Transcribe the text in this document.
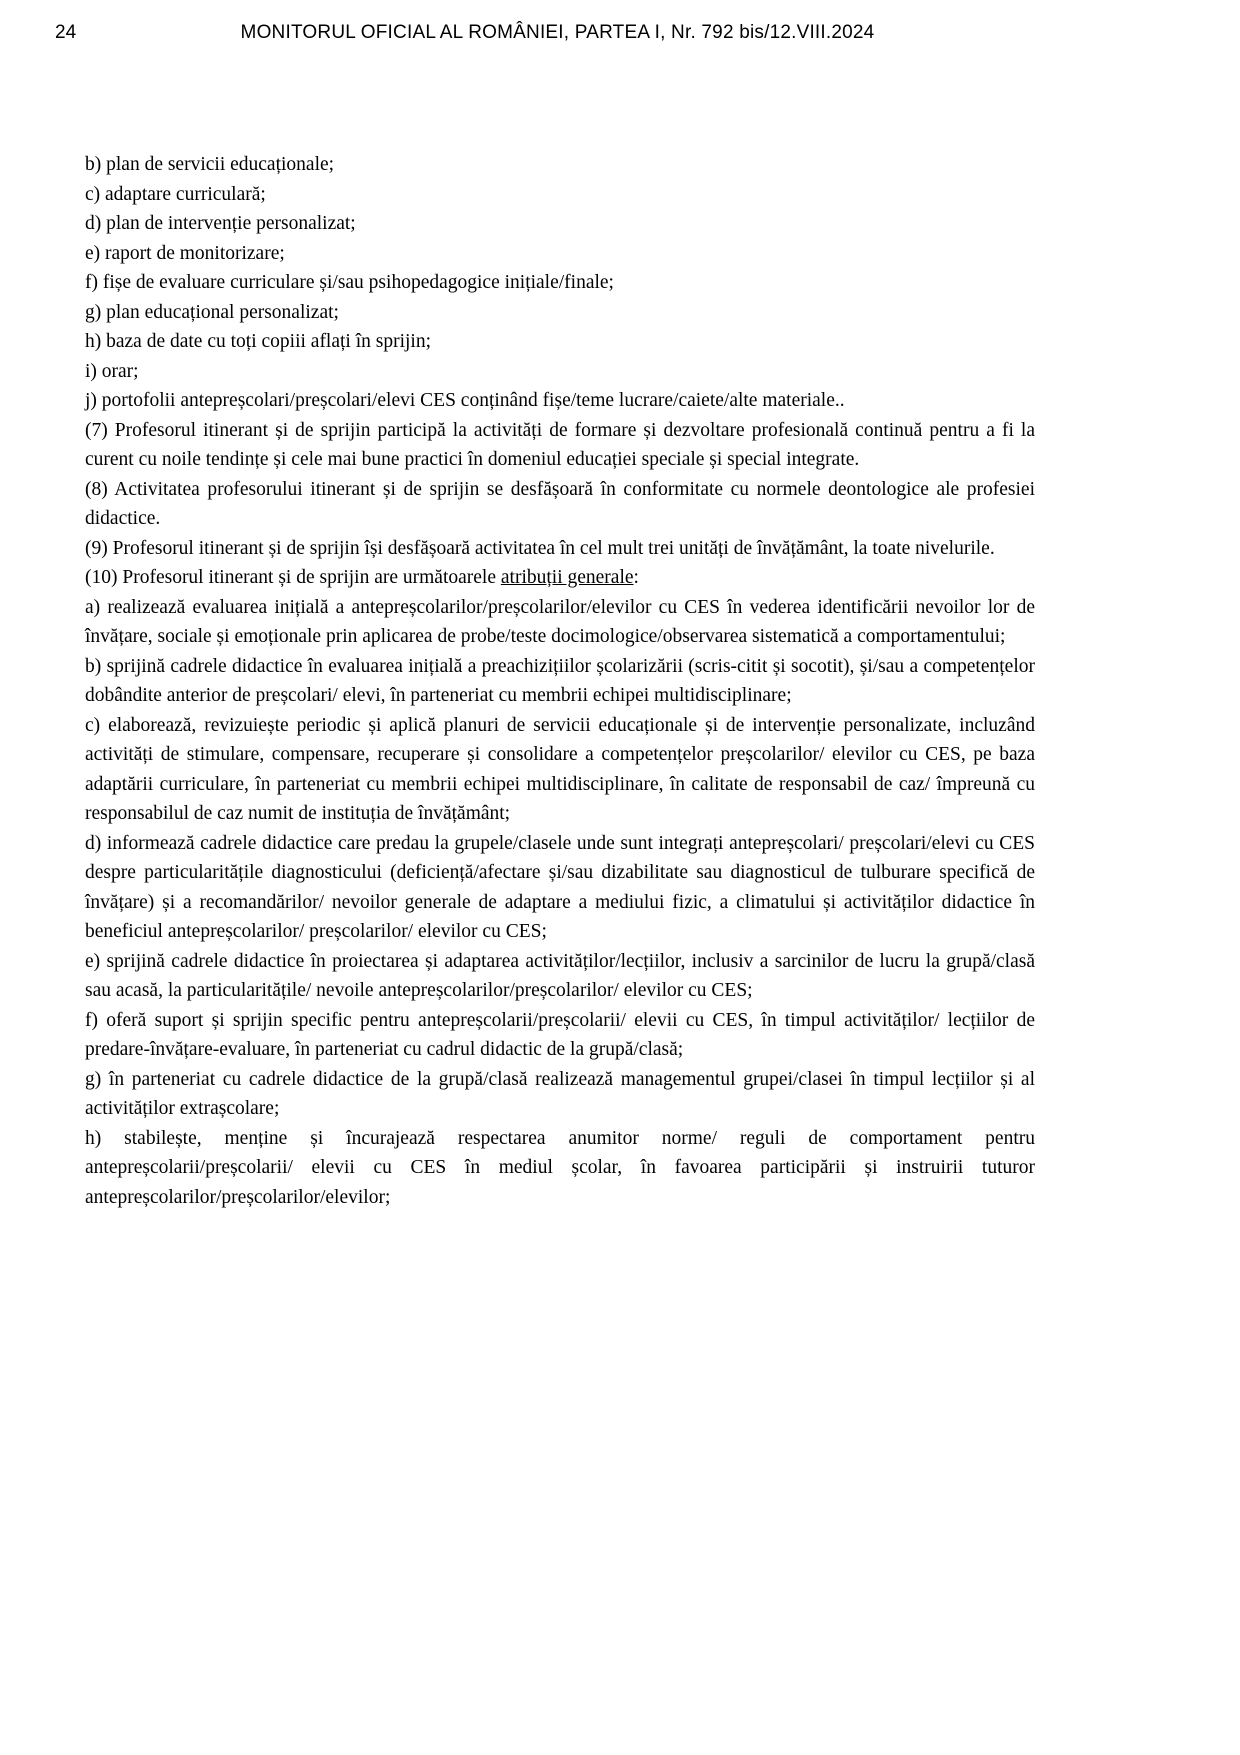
24	MONITORUL OFICIAL AL ROMÂNIEI, PARTEA I, Nr. 792 bis/12.VIII.2024

b) plan de servicii educaționale;

c) adaptare curriculară;

d) plan de intervenție personalizat;

e) raport de monitorizare;

f) fișe de evaluare curriculare și/sau psihopedagogice inițiale/finale;

g) plan educațional personalizat;

h) baza de date cu toți copiii aflați în sprijin;

i) orar;

j) portofolii antepreșcolari/preșcolari/elevi CES conținând fișe/teme lucrare/caiete/alte materiale..

(7) Profesorul itinerant și de sprijin participă la activități de formare și dezvoltare profesională continuă pentru a fi la curent cu noile tendințe și cele mai bune practici în domeniul educației speciale și special integrate.

(8) Activitatea profesorului itinerant și de sprijin se desfășoară în conformitate cu normele deontologice ale profesiei didactice.

(9) Profesorul itinerant și de sprijin își desfășoară activitatea în cel mult trei unități de învățământ, la toate nivelurile.

(10) Profesorul itinerant și de sprijin are următoarele atribuții generale:

a) realizează evaluarea inițială a antepreșcolarilor/preșcolarilor/elevilor cu CES în vederea identificării nevoilor lor de învățare, sociale și emoționale prin aplicarea de probe/teste docimologice/observarea sistematică a comportamentului;

b) sprijină cadrele didactice în evaluarea inițială a preachizițiilor școlarizării (scris-citit și socotit), și/sau a competențelor dobândite anterior de preșcolari/ elevi, în parteneriat cu membrii echipei multidisciplinare;

c) elaborează, revizuiește periodic și aplică planuri de servicii educaționale și de intervenție personalizate, incluzând activități de stimulare, compensare, recuperare și consolidare a competențelor preșcolarilor/ elevilor cu CES, pe baza adaptării curriculare, în parteneriat cu membrii echipei multidisciplinare, în calitate de responsabil de caz/ împreună cu responsabilul de caz numit de instituția de învățământ;

d) informează cadrele didactice care predau la grupele/clasele unde sunt integrați antepreșcolari/ preșcolari/elevi cu CES despre particularitățile diagnosticului (deficiență/afectare și/sau dizabilitate sau diagnosticul de tulburare specifică de învățare) și a recomandărilor/ nevoilor generale de adaptare a mediului fizic, a climatului și activităților didactice în beneficiul antepreșcolarilor/ preșcolarilor/ elevilor cu CES;

e) sprijină cadrele didactice în proiectarea și adaptarea activităților/lecțiilor, inclusiv a sarcinilor de lucru la grupă/clasă sau acasă, la particularitățile/ nevoile antepreșcolarilor/preșcolarilor/ elevilor cu CES;

f) oferă suport și sprijin specific pentru antepreșcolarii/preșcolarii/ elevii cu CES, în timpul activităților/ lecțiilor de predare-învățare-evaluare, în parteneriat cu cadrul didactic de la grupă/clasă;

g) în parteneriat cu cadrele didactice de la grupă/clasă realizează managementul grupei/clasei în timpul lecțiilor și al activităților extrașcolare;

h) stabilește, menține și încurajează respectarea anumitor norme/ reguli de comportament pentru antepreșcolarii/preșcolarii/ elevii cu CES în mediul școlar, în favoarea participării și instruirii tuturor antepreșcolarilor/preșcolarilor/elevilor;
